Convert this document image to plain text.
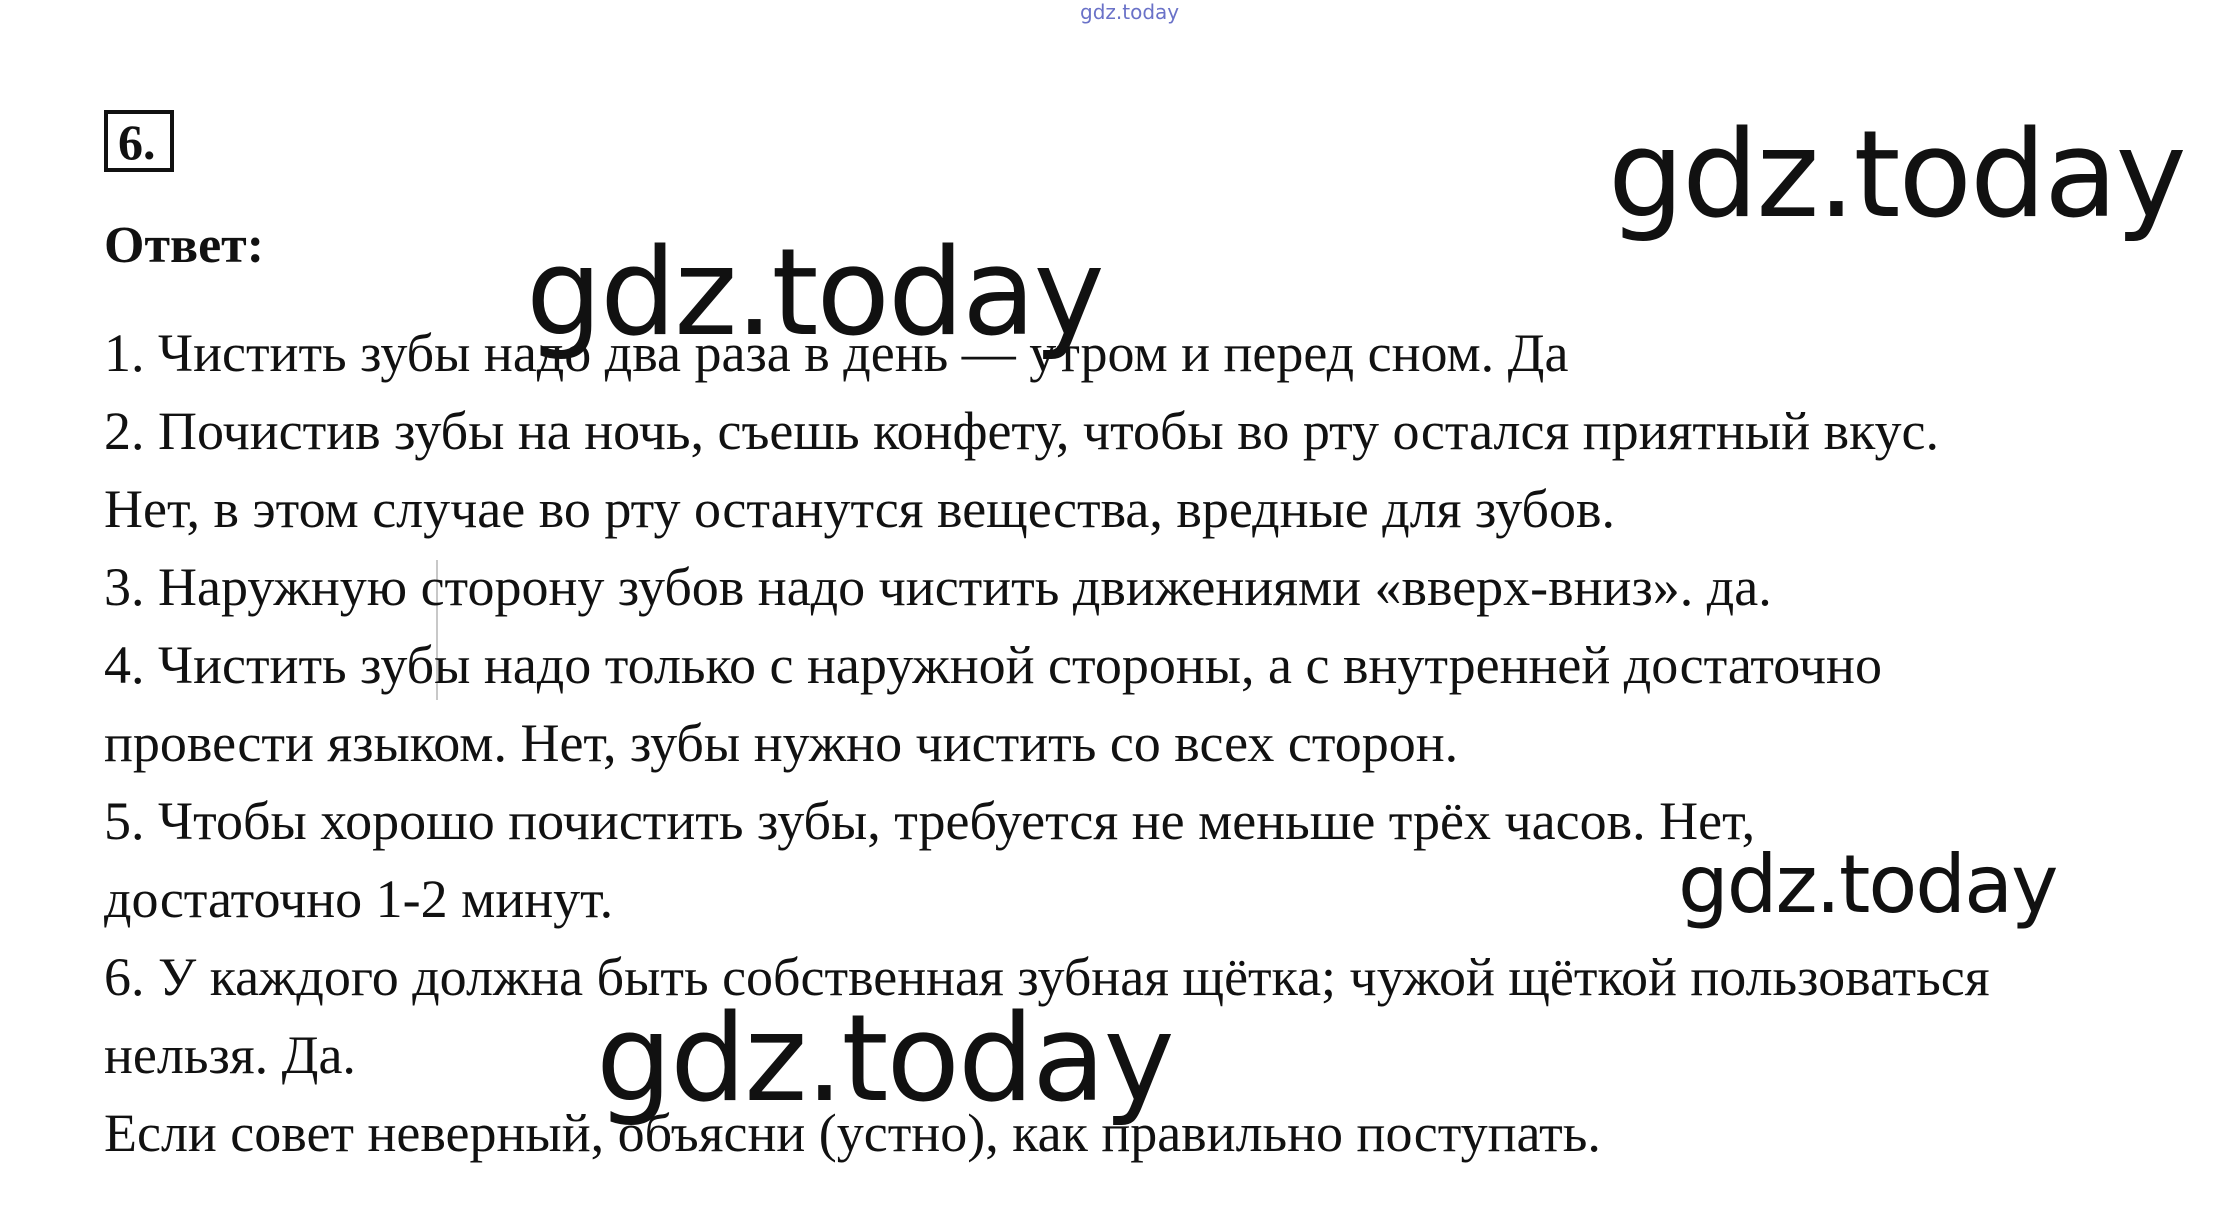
gdz.today
6.
Ответ:
1. Чистить зубы надо два раза в день — утром и перед сном. Да
2. Почистив зубы на ночь, съешь конфету, чтобы во рту остался приятный вкус.
Нет, в этом случае во рту останутся вещества, вредные для зубов.
3. Наружную сторону зубов надо чистить движениями «вверх-вниз». да.
4. Чистить зубы надо только с наружной стороны, а с внутренней достаточно
провести языком. Нет, зубы нужно чистить со всех сторон.
5. Чтобы хорошо почистить зубы, требуется не меньше трёх часов. Нет,
достаточно 1-2 минут.
6. У каждого должна быть собственная зубная щётка; чужой щёткой пользоваться
нельзя. Да.
Если совет неверный, объясни (устно), как правильно поступать.
gdz.today
gdz.today
gdz.today
gdz.today
